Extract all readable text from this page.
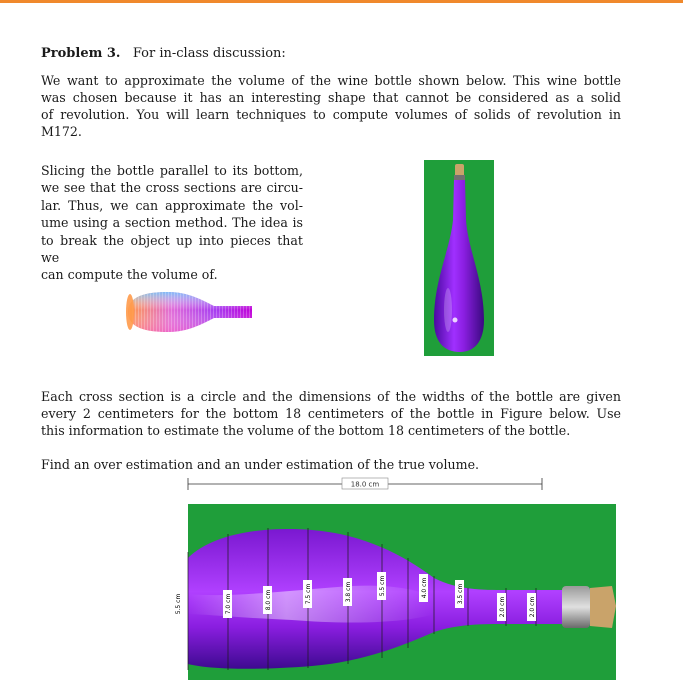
Problem 3. For in-class discussion:

We want to approximate the volume of the wine bottle shown below. This wine bottle
was chosen because it has an interesting shape that cannot be considered as a solid
of revolution. You will learn techniques to compute volumes of solids of revolution in
M172.

Slicing the bottle parallel to its bottom,
we see that the cross sections are circu-
lar. Thus, we can approximate the vol-
ume using a section method. The idea is
to break the object up into pieces that we
can compute the volume of.

Each cross section is a circle and the dimensions of the widths of the bottle are given
every 2 centimeters for the bottom 18 centimeters of the bottle in Figure below. Use
this information to estimate the volume of the bottom 18 centimeters of the bottle.

Find an over estimation and an under estimation of the true volume.

18.0 cm
5.5 cm	7.0 cm	8.0 cm	7.5 cm	3.8 cm	5.5 cm	4.0 cm	3.5 cm
2.0 cm	2.0 cm
